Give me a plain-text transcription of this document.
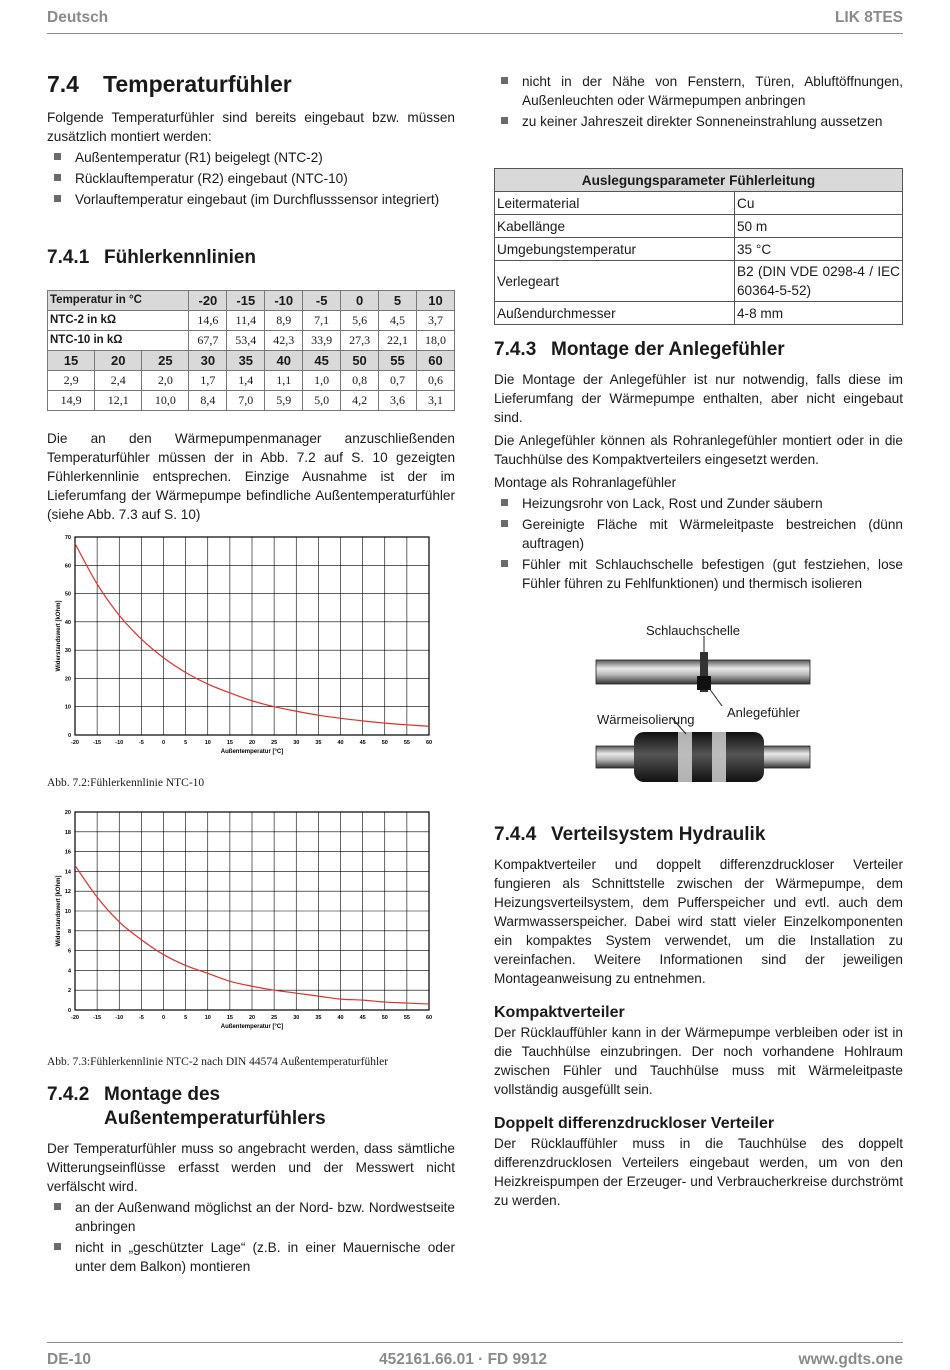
Deutsch	LIK 8TES
7.4 Temperaturfühler

Folgende Temperaturfühler sind bereits eingebaut bzw. müssen zusätzlich montiert werden:

Außentemperatur (R1) beigelegt (NTC-2)
Rücklauftemperatur (R2) eingebaut (NTC-10)
Vorlauftemperatur eingebaut (im Durchflusssensor integriert)
7.4.1 Fühlerkennlinien
Temperatur in °C			-20	-15	-10	-5	0	5	10
NTC-2 in kΩ			14,6	11,4	8,9	7,1	5,6	4,5	3,7
NTC-10 in kΩ			67,7	53,4	42,3	33,9	27,3	22,1	18,0
15	20	25	30	35	40	45	50	55	60
2,9	2,4	2,0	1,7	1,4	1,1	1,0	0,8	0,7	0,6
14,9	12,1	10,0	8,4	7,0	5,9	5,0	4,2	3,6	3,1

Die an den Wärmepumpenmanager anzuschließenden Temperaturfühler müssen der in Abb. 7.2 auf S. 10 gezeigten Fühlerkennlinie entsprechen. Einzige Ausnahme ist der im Lieferumfang der Wärmepumpe befindliche Außentemperaturfühler (siehe Abb. 7.3 auf S. 10)

-20	-15	-10	-5	0	5	10	15	20	25	30	35	40	45	50	55	60
0
10
20
30
40
50
60
70
Außentemperatur [°C]
Widerstandswert [kOhm]
Abb. 7.2:Fühlerkennlinie NTC-10
-20	-15	-10	-5	0	5	10	15	20	25	30	35	40	45	50	55	60
0
2
4
6
8
10
12
14
16
18
20
Außentemperatur [°C]
Widerstandswert [kOhm]
Abb. 7.3:Fühlerkennlinie NTC-2 nach DIN 44574 Außentemperaturfühler
7.4.2 Montage des
Außentemperaturfühlers

Der Temperaturfühler muss so angebracht werden, dass sämtliche Witterungseinflüsse erfasst werden und der Messwert nicht verfälscht wird.

an der Außenwand möglichst an der Nord- bzw. Nordwestseite anbringen
nicht in „geschützter Lage“ (z.B. in einer Mauernische oder unter dem Balkon) montieren
nicht in der Nähe von Fenstern, Türen, Abluftöffnungen, Außenleuchten oder Wärmepumpen anbringen
zu keiner Jahreszeit direkter Sonneneinstrahlung aussetzen
Auslegungsparameter Fühlerleitung	
Leitermaterial	Cu
Kabellänge	50 m
Umgebungstemperatur	35 °C
Verlegeart	B2 (DIN VDE 0298-4 / IEC 60364-5-52)
Außendurchmesser	4-8 mm
7.4.3 Montage der Anlegefühler

Die Montage der Anlegefühler ist nur notwendig, falls diese im Lieferumfang der Wärmepumpe enthalten, aber nicht eingebaut sind.

Die Anlegefühler können als Rohranlegefühler montiert oder in die Tauchhülse des Kompaktverteilers eingesetzt werden.

Montage als Rohranlagefühler

Heizungsrohr von Lack, Rost und Zunder säubern
Gereinigte Fläche mit Wärmeleitpaste bestreichen (dünn auftragen)
Fühler mit Schlauchschelle befestigen (gut festziehen, lose Fühler führen zu Fehlfunktionen) und thermisch isolieren
Schlauchschelle
Wärmeisolierung Anlegefühler
7.4.4 Verteilsystem Hydraulik

Kompaktverteiler und doppelt differenzdruckloser Verteiler fungieren als Schnittstelle zwischen der Wärmepumpe, dem Heizungsverteilsystem, dem Pufferspeicher und evtl. auch dem Warmwasserspeicher. Dabei wird statt vieler Einzelkomponenten ein kompaktes System verwendet, um die Installation zu vereinfachen. Weitere Informationen sind der jeweiligen Montageanweisung zu entnehmen.

Kompaktverteiler

Der Rücklauffühler kann in der Wärmepumpe verbleiben oder ist in die Tauchhülse einzubringen. Der noch vorhandene Hohlraum zwischen Fühler und Tauchhülse muss mit Wärmeleitpaste vollständig ausgefüllt sein.

Doppelt differenzdruckloser Verteiler

Der Rücklauffühler muss in die Tauchhülse des doppelt differenzdrucklosen Verteilers eingebaut werden, um von den Heizkreispumpen der Erzeuger- und Verbraucherkreise durchströmt zu werden.

DE-10	452161.66.01 · FD 9912	www.gdts.one
